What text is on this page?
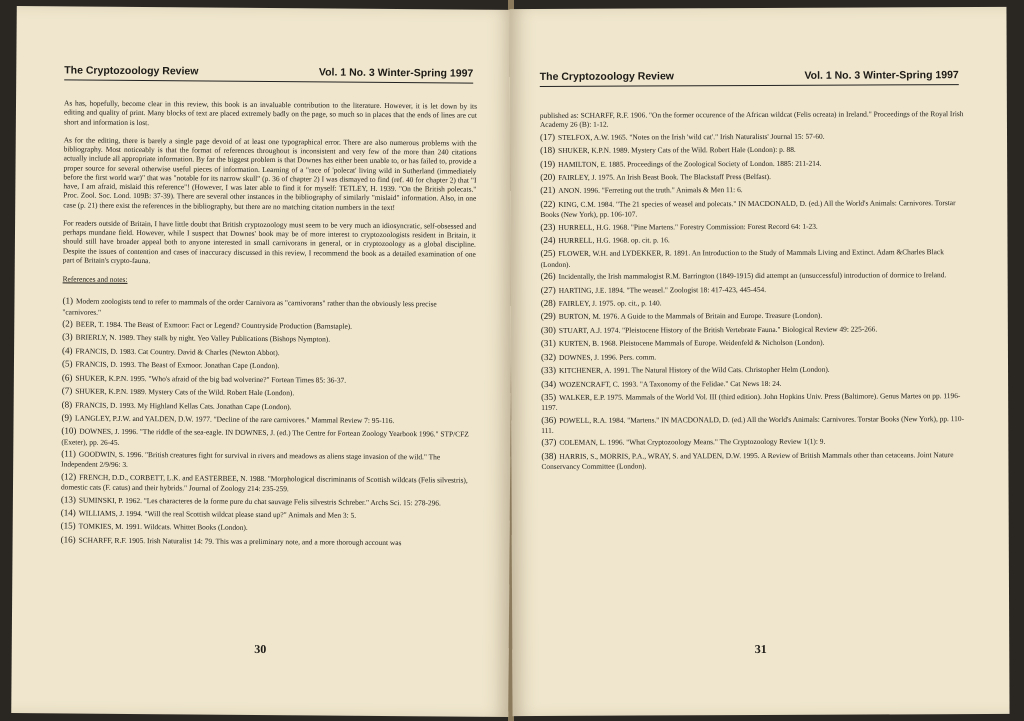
The Cryptozoology Review	Vol. 1 No. 3 Winter-Spring 1997

As has, hopefully, become clear in this review, this book is an invaluable contribution to the literature. However, it is let down by its editing and quality of print. Many blocks of text are placed extremely badly on the page, so much so in places that the ends of lines are cut short and information is lost.

As for the editing, there is barely a single page devoid of at least one typographical error. There are also numerous problems with the bibliography. Most noticeably is that the format of references throughout is inconsistent and very few of the more than 240 citations actually include all appropriate information. By far the biggest problem is that Downes has either been unable to, or has failed to, provide a proper source for several otherwise useful pieces of information. Learning of a "race of 'polecat' living wild in Sutherland (immediately before the first world war)" that was "notable for its narrow skull" (p. 36 of chapter 2) I was dismayed to find (ref. 40 for chapter 2) that "I have, I am afraid, mislaid this reference"! (However, I was later able to find it for myself: TETLEY, H. 1939. "On the British polecats." Proc. Zool. Soc. Lond. 109B: 37-39). There are several other instances in the bibliography of similarly "mislaid" information. Also, in one case (p. 21) there exist the references in the bibliography, but there are no matching citation numbers in the text!

For readers outside of Britain, I have little doubt that British cryptozoology must seem to be very much an idiosyncratic, self-obsessed and perhaps mundane field. However, while I suspect that Downes' book may be of more interest to cryptozoologists resident in Britain, it should still have broader appeal both to anyone interested in small carnivorans in general, or in cryptozoology as a global discipline. Despite the issues of contention and cases of inaccuracy discussed in this review, I recommend the book as a detailed examination of one part of Britain's crypto-fauna.

References and notes:
(1) Modern zoologists tend to refer to mammals of the order Carnivora as "carnivorans" rather than the obviously less precise "carnivores."
(2) BEER, T. 1984. The Beast of Exmoor: Fact or Legend? Countryside Production (Barnstaple).
(3) BRIERLY, N. 1989. They stalk by night. Yeo Valley Publications (Bishops Nympton).
(4) FRANCIS, D. 1983. Cat Country. David & Charles (Newton Abbot).
(5) FRANCIS, D. 1993. The Beast of Exmoor. Jonathan Cape (London).
(6) SHUKER, K.P.N. 1995. "Who's afraid of the big bad wolverine?" Fortean Times 85: 36-37.
(7) SHUKER, K.P.N. 1989. Mystery Cats of the Wild. Robert Hale (London).
(8) FRANCIS, D. 1993. My Highland Kellas Cats. Jonathan Cape (London).
(9) LANGLEY, P.J.W. and YALDEN, D.W. 1977. "Decline of the rare carnivores." Mammal Review 7: 95-116.
(10) DOWNES, J. 1996. "The riddle of the sea-eagle. IN DOWNES, J. (ed.) The Centre for Fortean Zoology Yearbook 1996." STP/CFZ (Exeter), pp. 26-45.
(11) GOODWIN, S. 1996. "British creatures fight for survival in rivers and meadows as aliens stage invasion of the wild." The Independent 2/9/96: 3.
(12) FRENCH, D.D., CORBETT, L.K. and EASTERBEE, N. 1988. "Morphological discriminants of Scottish wildcats (Felis silvestris), domestic cats (F. catus) and their hybrids." Journal of Zoology 214: 235-259.
(13) SUMINSKI, P. 1962. "Les characteres de la forme pure du chat sauvage Felis silvestris Schreber." Archs Sci. 15: 278-296.
(14) WILLIAMS, J. 1994. "Will the real Scottish wildcat please stand up?" Animals and Men 3: 5.
(15) TOMKIES, M. 1991. Wildcats. Whittet Books (London).
(16) SCHARFF, R.F. 1905. Irish Naturalist 14: 79. This was a preliminary note, and a more thorough account was
30
The Cryptozoology Review	Vol. 1 No. 3 Winter-Spring 1997
published as: SCHARFF, R.F. 1906. "On the former occurence of the African wildcat (Felis ocreata) in Ireland." Proceedings of the Royal Irish Academy 26 (B): 1-12.
(17) STELFOX, A.W. 1965. "Notes on the Irish 'wild cat'." Irish Naturalists' Journal 15: 57-60.
(18) SHUKER, K.P.N. 1989. Mystery Cats of the Wild. Robert Hale (London): p. 88.
(19) HAMILTON, E. 1885. Proceedings of the Zoological Society of London. 1885: 211-214.
(20) FAIRLEY, J. 1975. An Irish Beast Book. The Blackstaff Press (Belfast).
(21) ANON. 1996. "Ferreting out the truth." Animals & Men 11: 6.
(22) KING, C.M. 1984. "The 21 species of weasel and polecats." IN MACDONALD, D. (ed.) All the World's Animals: Carnivores. Torstar Books (New York), pp. 106-107.
(23) HURRELL, H.G. 1968. "Pine Martens." Forestry Commission: Forest Record 64: 1-23.
(24) HURRELL, H.G. 1968. op. cit. p. 16.
(25) FLOWER, W.H. and LYDEKKER, R. 1891. An Introduction to the Study of Mammals Living and Extinct. Adam &Charles Black (London).
(26) Incidentally, the Irish mammalogist R.M. Barrington (1849-1915) did attempt an (unsuccessful) introduction of dormice to Ireland.
(27) HARTING, J.E. 1894. "The weasel." Zoologist 18: 417-423, 445-454.
(28) FAIRLEY, J. 1975. op. cit., p. 140.
(29) BURTON, M. 1976. A Guide to the Mammals of Britain and Europe. Treasure (London).
(30) STUART, A.J. 1974. "Pleistocene History of the British Vertebrate Fauna." Biological Review 49: 225-266.
(31) KURTEN, B. 1968. Pleistocene Mammals of Europe. Weidenfeld & Nicholson (London).
(32) DOWNES, J. 1996. Pers. comm.
(33) KITCHENER, A. 1991. The Natural History of the Wild Cats. Christopher Helm (London).
(34) WOZENCRAFT, C. 1993. "A Taxonomy of the Felidae." Cat News 18: 24.
(35) WALKER, E.P. 1975. Mammals of the World Vol. III (third edition). John Hopkins Univ. Press (Baltimore). Genus Martes on pp. 1196-1197.
(36) POWELL, R.A. 1984. "Martens." IN MACDONALD, D. (ed.) All the World's Animals: Carnivores. Torstar Books (New York), pp. 110-111.
(37) COLEMAN, L. 1996. "What Cryptozoology Means." The Cryptozoology Review 1(1): 9.
(38) HARRIS, S., MORRIS, P.A., WRAY, S. and YALDEN, D.W. 1995. A Review of British Mammals other than cetaceans. Joint Nature Conservancy Committee (London).
31
